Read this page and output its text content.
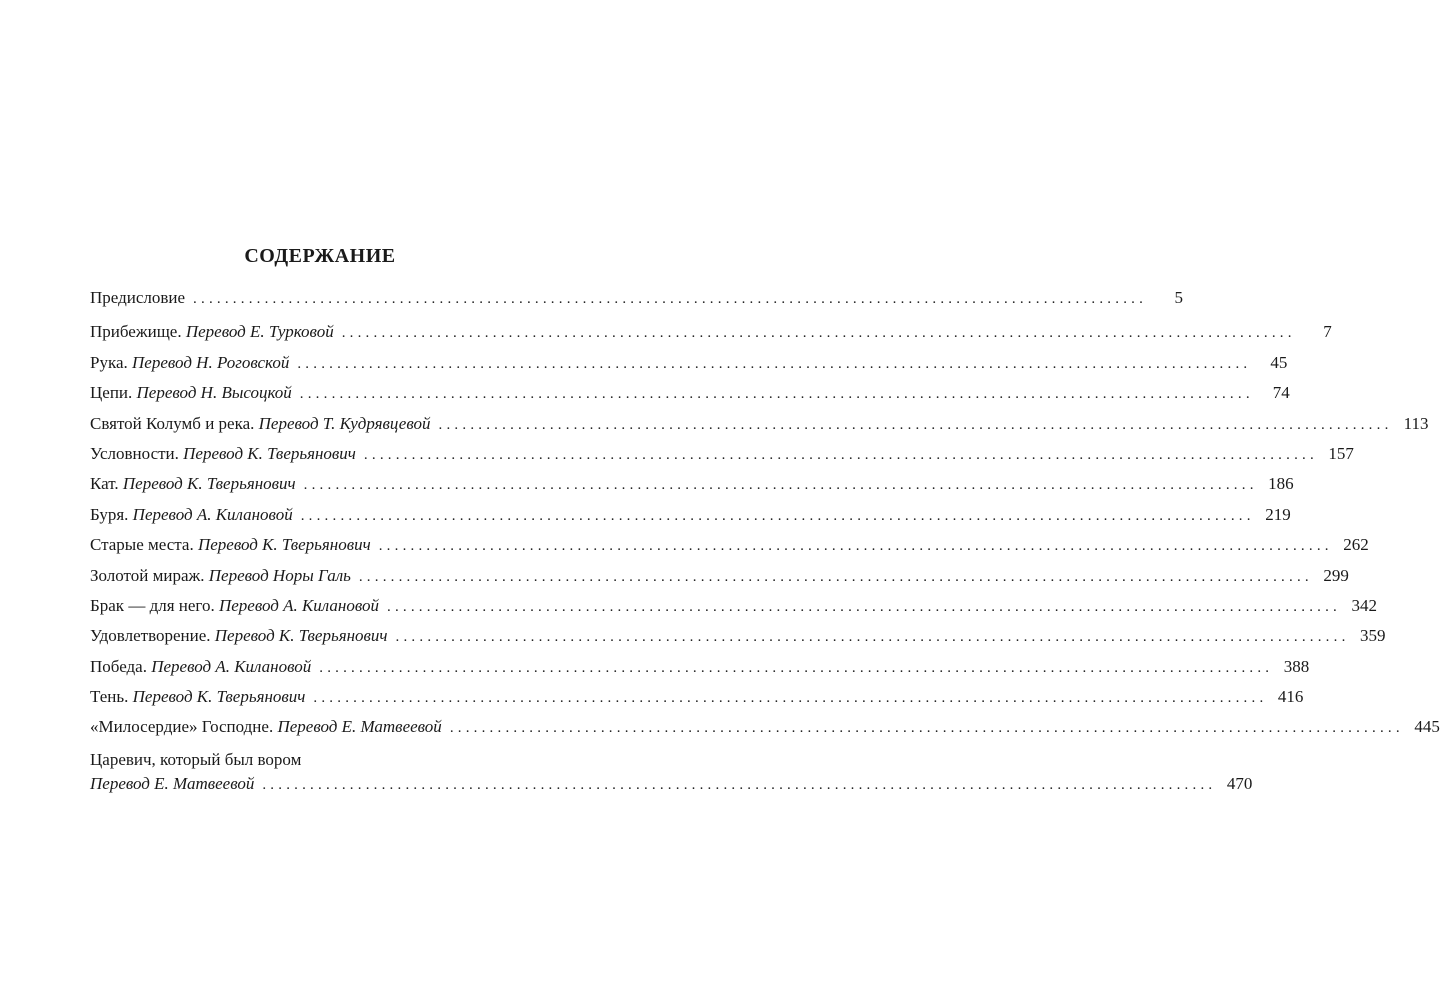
СОДЕРЖАНИЕ
Предисловие ........................................................................................................................	5
Прибежище. Перевод Е. Турковой ........................................................................................................................	7
Рука. Перевод Н. Роговской ........................................................................................................................	45
Цепи. Перевод Н. Высоцкой ........................................................................................................................	74
Святой Колумб и река. Перевод Т. Кудрявцевой ........................................................................................................................ 113
Условности. Перевод К. Тверьянович ........................................................................................................................ 157
Кат. Перевод К. Тверьянович ........................................................................................................................ 186
Буря. Перевод А. Килановой ........................................................................................................................ 219
Старые места. Перевод К. Тверьянович ........................................................................................................................ 262
Золотой мираж. Перевод Норы Галь ........................................................................................................................ 299
Брак — для него. Перевод А. Килановой ........................................................................................................................ 342
Удовлетворение. Перевод К. Тверьянович ........................................................................................................................ 359
Победа. Перевод А. Килановой ........................................................................................................................ 388
Тень. Перевод К. Тверьянович ........................................................................................................................ 416
«Милосердие» Господне. Перевод Е. Матвеевой ........................................................................................................................ 445
Царевич, который был вором
Перевод Е. Матвеевой ........................................................................................................................ 470
